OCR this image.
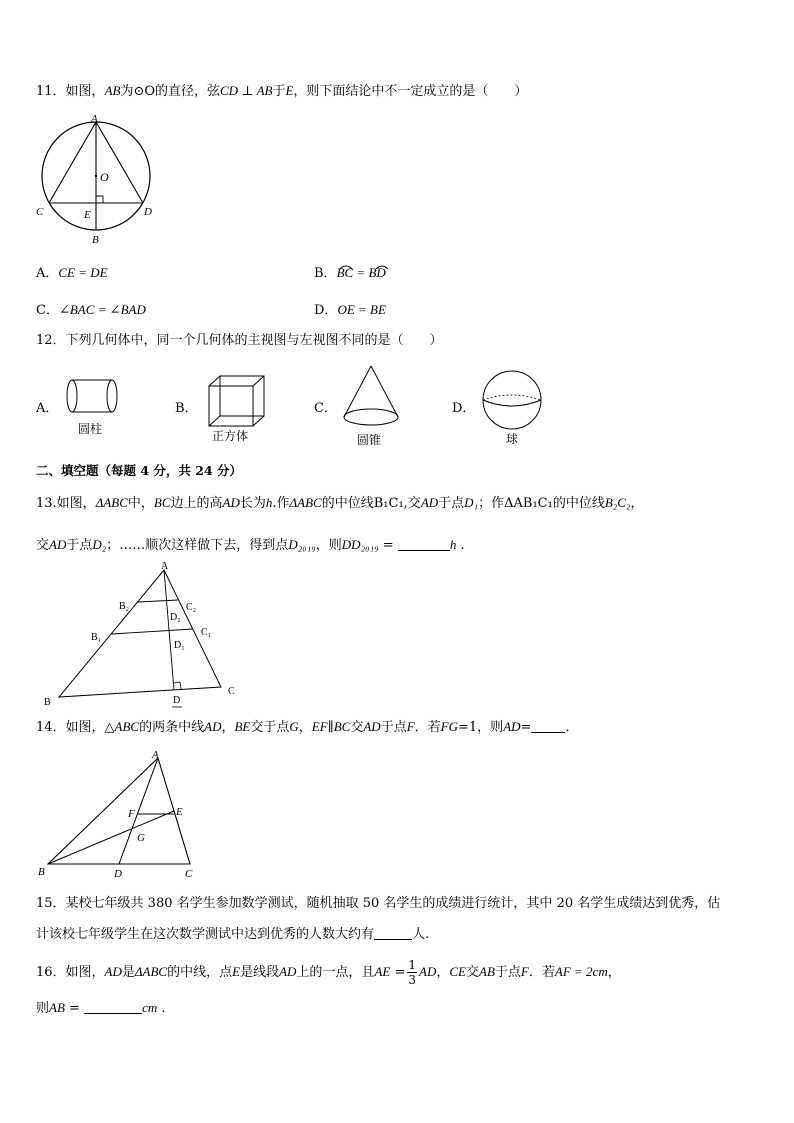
11．如图，AB为⊙O的直径，弦CD ⊥ AB于E，则下面结论中不一定成立的是（　　）
A
O
C	E	D
B
A．CE = DE	B．BC = BD
C．∠BAC = ∠BAD	D．OE = BE
12．下列几何体中，同一个几何体的主视图与左视图不同的是（　　）
A．
圆柱
B．
正方体
C．
圆锥
D．
球
二、填空题（每题 4 分，共 24 分）
13.如图，ΔABC中，BC边上的高AD长为h.作ΔABC的中位线B₁C₁,交AD于点D₁；作ΔAB₁C₁的中位线B₂C₂，
交AD于点D₂；……顺次这样做下去，得到点D₂₀₁₉，则DD₂₀₁₉ =	h .
A
B₂	C₂
D₂
B₁	C₁
D₁
B	D
C
14．如图，△ABC的两条中线AD，BE交于点G，EF∥BC交AD于点F．若FG=1，则AD=	．
A
F	E
G
B	D	C
15．某校七年级共 380 名学生参加数学测试，随机抽取 50 名学生的成绩进行统计，其中 20 名学生成绩达到优秀，估
计该校七年级学生在这次数学测试中达到优秀的人数大约有	人.
16．如图，AD是ΔABC的中线，点E是线段AD上的一点，且AE = $\frac{1}{3}$ AD，CE交AB于点F．若AF = 2cm，
则AB =	cm .
